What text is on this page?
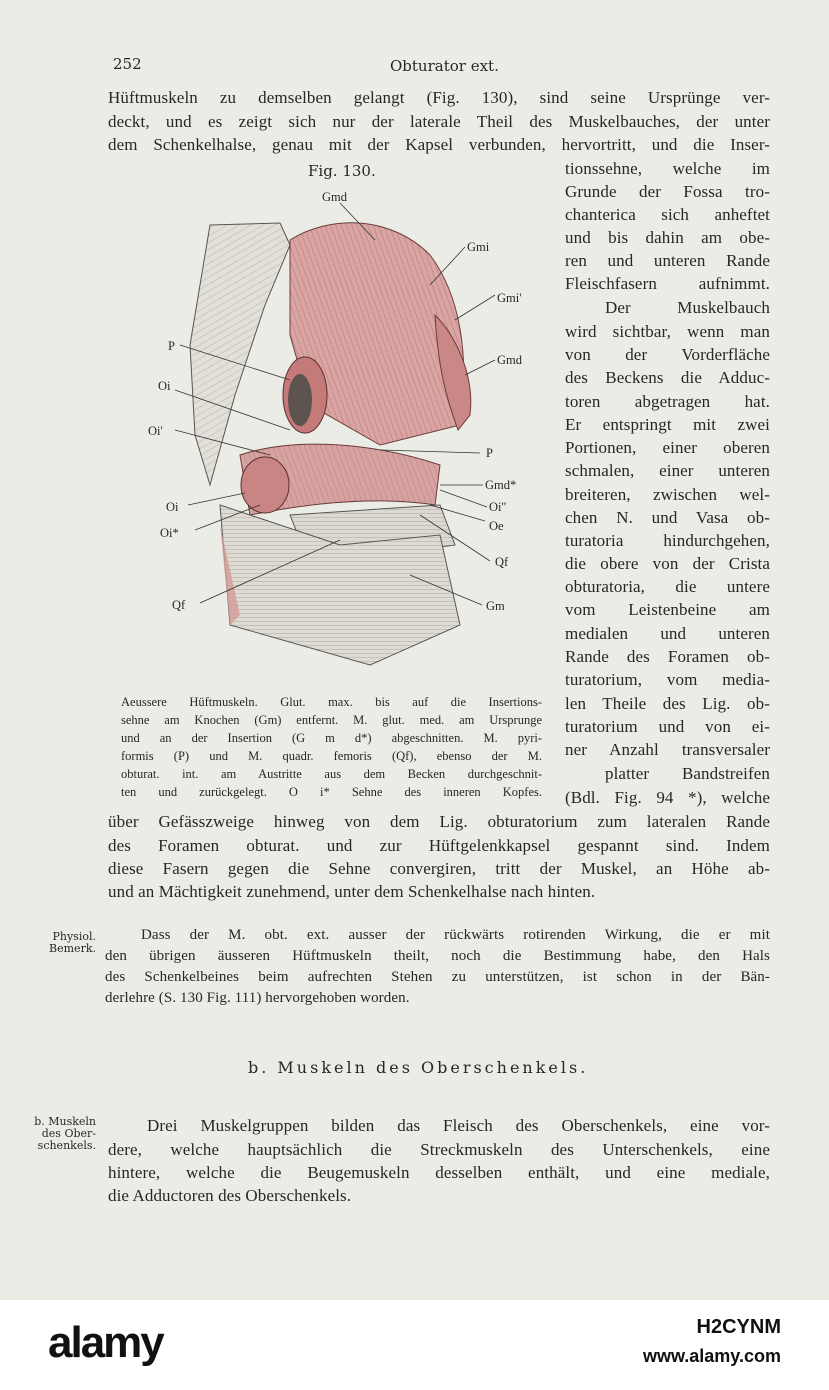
252	Obturator ext.
Hüftmuskeln zu demselben gelangt (Fig. 130), sind seine Ursprünge ver-
deckt, und es zeigt sich nur der laterale Theil des Muskelbauches, der unter
dem Schenkelhalse, genau mit der Kapsel verbunden, hervortritt, und die Inser-
Fig. 130.
Gmd
Gmi
Gmi'
Gmd
P
Oi
Oi'
P
Gmd*
Oi	Oi''
Oi*	Oe
Qf
Qf	Gm
tionssehne, welche im
Grunde der Fossa tro-
chanterica sich anheftet
und bis dahin am obe-
ren und unteren Rande
Fleischfasern aufnimmt.
Der Muskelbauch
wird sichtbar, wenn man
von der Vorderfläche
des Beckens die Adduc-
toren abgetragen hat.
Er entspringt mit zwei
Portionen, einer oberen
schmalen, einer unteren
breiteren, zwischen wel-
chen N. und Vasa ob-
turatoria hindurchgehen,
die obere von der Crista
obturatoria, die untere
vom Leistenbeine am
medialen und unteren
Rande des Foramen ob-
turatorium, vom media-
len Theile des Lig. ob-
turatorium und von ei-
ner Anzahl transversaler
platter Bandstreifen
(Bdl. Fig. 94 *), welche
Aeussere Hüftmuskeln. Glut. max. bis auf die Insertions-
sehne am Knochen (Gm) entfernt. M. glut. med. am Ursprunge
und an der Insertion (G m d*) abgeschnitten. M. pyri-
formis (P) und M. quadr. femoris (Qf), ebenso der M.
obturat. int. am Austritte aus dem Becken durchgeschnit-
ten und zurückgelegt. O i* Sehne des inneren Kopfes.
über Gefässzweige hinweg von dem Lig. obturatorium zum lateralen Rande
des Foramen obturat. und zur Hüftgelenkkapsel gespannt sind. Indem
diese Fasern gegen die Sehne convergiren, tritt der Muskel, an Höhe ab-
und an Mächtigkeit zunehmend, unter dem Schenkelhalse nach hinten.
Physiol.
Bemerk.
Dass der M. obt. ext. ausser der rückwärts rotirenden Wirkung, die er mit
den übrigen äusseren Hüftmuskeln theilt, noch die Bestimmung habe, den Hals
des Schenkelbeines beim aufrechten Stehen zu unterstützen, ist schon in der Bän-
derlehre (S. 130 Fig. 111) hervorgehoben worden.
b. Muskeln des Oberschenkels.
b. Muskeln
des Ober-
schenkels.
Drei Muskelgruppen bilden das Fleisch des Oberschenkels, eine vor-
dere, welche hauptsächlich die Streckmuskeln des Unterschenkels, eine
hintere, welche die Beugemuskeln desselben enthält, und eine mediale,
die Adductoren des Oberschenkels.
alamy	H2CYNM
www.alamy.com
